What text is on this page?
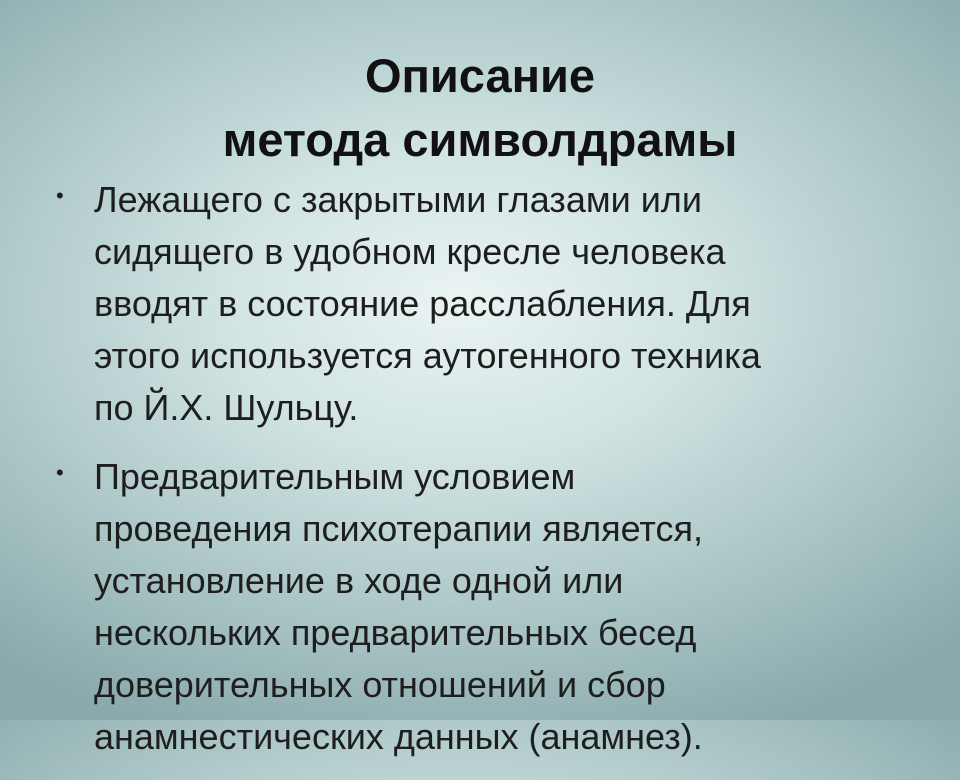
Описание
метода символдрамы
• Лежащего с закрытыми глазами или
сидящего в удобном кресле человека
вводят в состояние расслабления. Для
этого используется аутогенного техника
по Й.Х. Шульцу.
• Предварительным условием
проведения психотерапии является,
установление в ходе одной или
нескольких предварительных бесед
доверительных отношений и сбор
анамнестических данных (анамнез).
